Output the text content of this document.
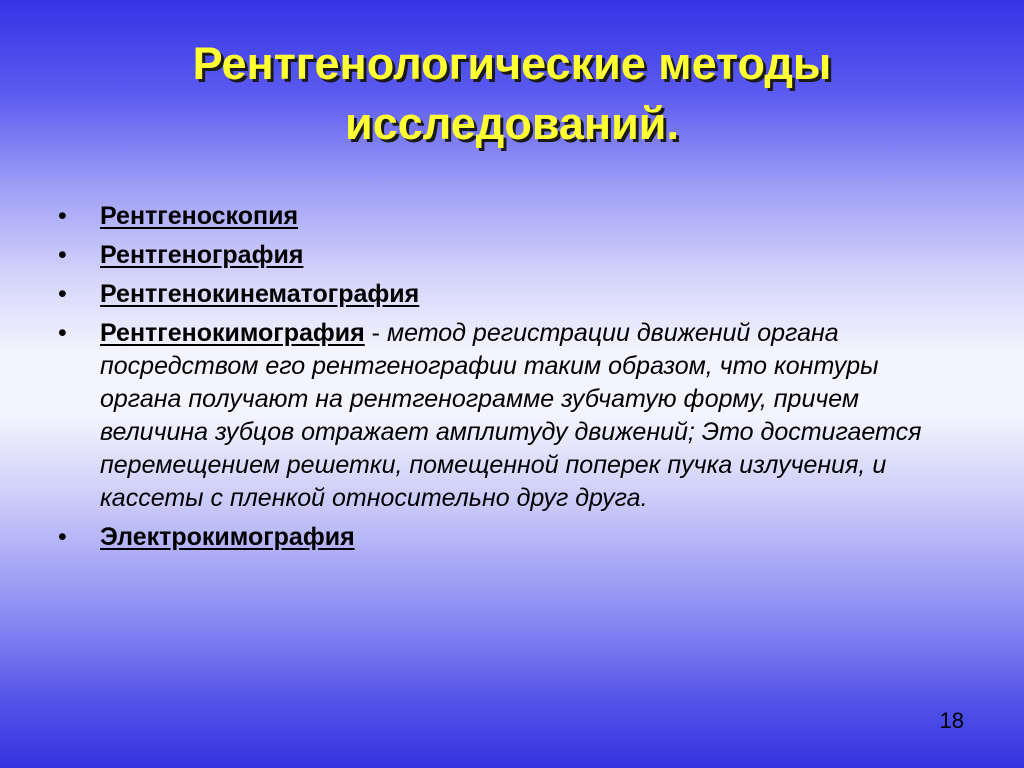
Рентгенологические методы исследований.
• Рентгеноскопия
• Рентгенография
• Рентгенокинематография
• Рентгенокимография - метод регистрации движений органа посредством его рентгенографии таким образом, что контуры органа получают на рентгенограмме зубчатую форму, причем величина зубцов отражает амплитуду движений; Это достигается перемещением решетки, помещенной поперек пучка излучения, и кассеты с пленкой относительно друг друга.
• Электрокимография
18
